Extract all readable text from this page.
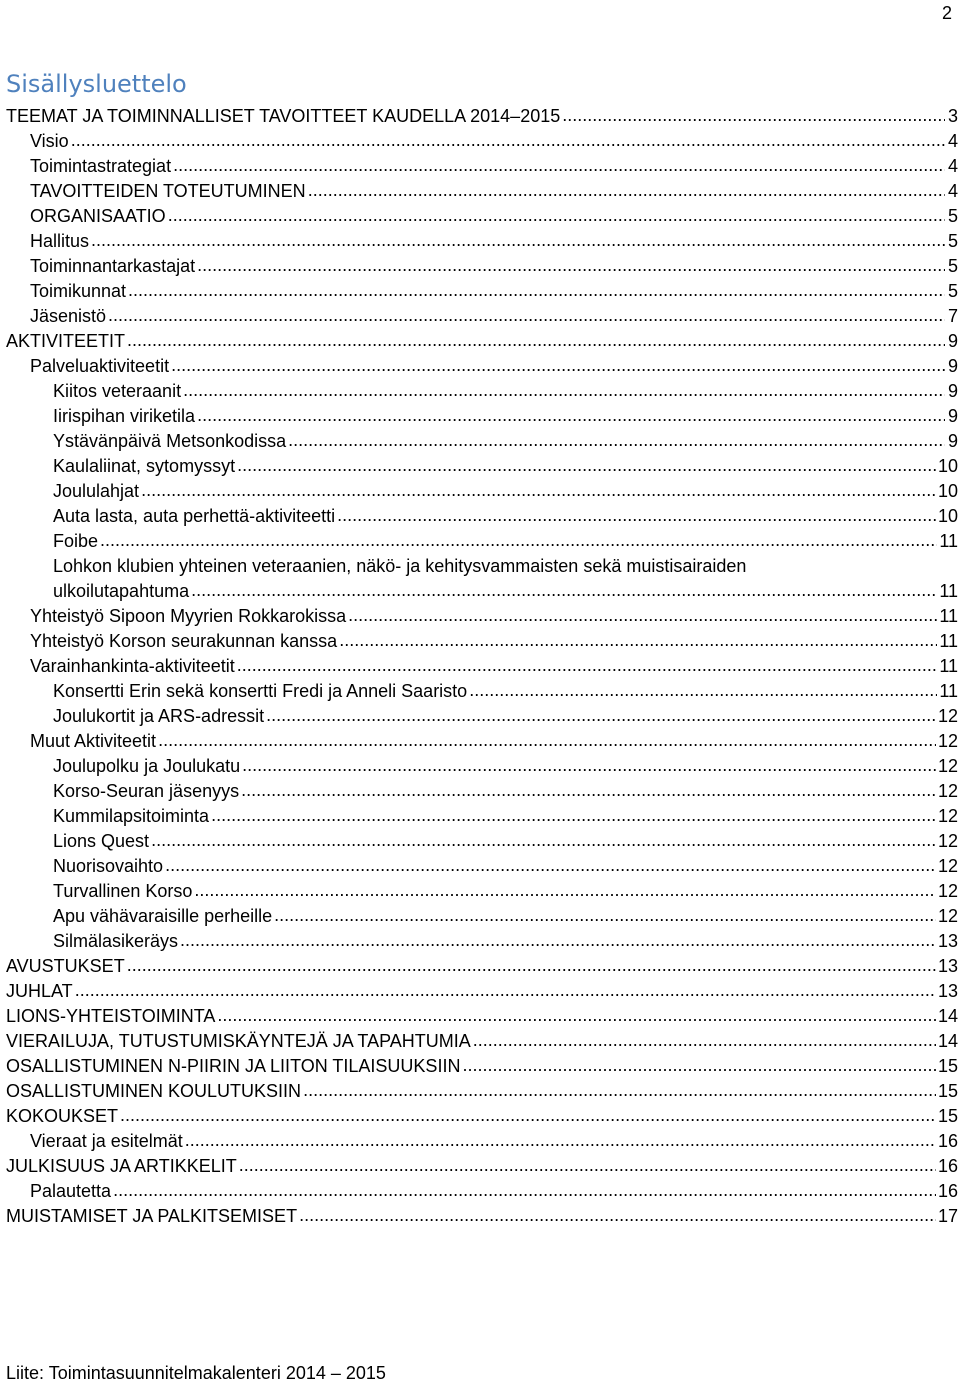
2
Sisällysluettelo
TEEMAT JA TOIMINNALLISET TAVOITTEET KAUDELLA 2014–2015 .....	3
Visio .....	4
Toimintastrategiat .....	4
TAVOITTEIDEN TOTEUTUMINEN .....	4
ORGANISAATIO .....	5
Hallitus .....	5
Toiminnantarkastajat .....	5
Toimikunnat .....	5
Jäsenistö .....	7
AKTIVITEETIT .....	9
Palveluaktiviteetit .....	9
Kiitos veteraanit .....	9
Iirispihan viriketila .....	9
Ystävänpäivä Metsonkodissa .....	9
Kaulaliinat, sytomyssyt .....	10
Joululahjat .....	10
Auta lasta, auta perhettä-aktiviteetti .....	10
Foibe .....	11
Lohkon klubien yhteinen veteraanien, näkö- ja kehitysvammaisten sekä muistisairaiden
ulkoilutapahtuma .....	11
Yhteistyö Sipoon Myyrien Rokkarokissa .....	11
Yhteistyö Korson seurakunnan kanssa .....	11
Varainhankinta-aktiviteetit .....	11
Konsertti Erin sekä konsertti Fredi ja Anneli Saaristo .....	11
Joulukortit ja ARS-adressit .....	12
Muut Aktiviteetit .....	12
Joulupolku ja Joulukatu .....	12
Korso-Seuran jäsenyys .....	12
Kummilapsitoiminta .....	12
Lions Quest .....	12
Nuorisovaihto .....	12
Turvallinen Korso .....	12
Apu vähävaraisille perheille .....	12
Silmälasikeräys .....	13
AVUSTUKSET .....	13
JUHLAT .....	13
LIONS-YHTEISTOIMINTA .....	14
VIERAILUJA, TUTUSTUMISKÄYNTEJÄ JA TAPAHTUMIA .....	14
OSALLISTUMINEN N-PIIRIN JA LIITON TILAISUUKSIIN .....	15
OSALLISTUMINEN KOULUTUKSIIN .....	15
KOKOUKSET .....	15
Vieraat ja esitelmät .....	16
JULKISUUS JA ARTIKKELIT .....	16
Palautetta .....	16
MUISTAMISET JA PALKITSEMISET .....	17
Liite: Toimintasuunnitelmakalenteri 2014 – 2015
